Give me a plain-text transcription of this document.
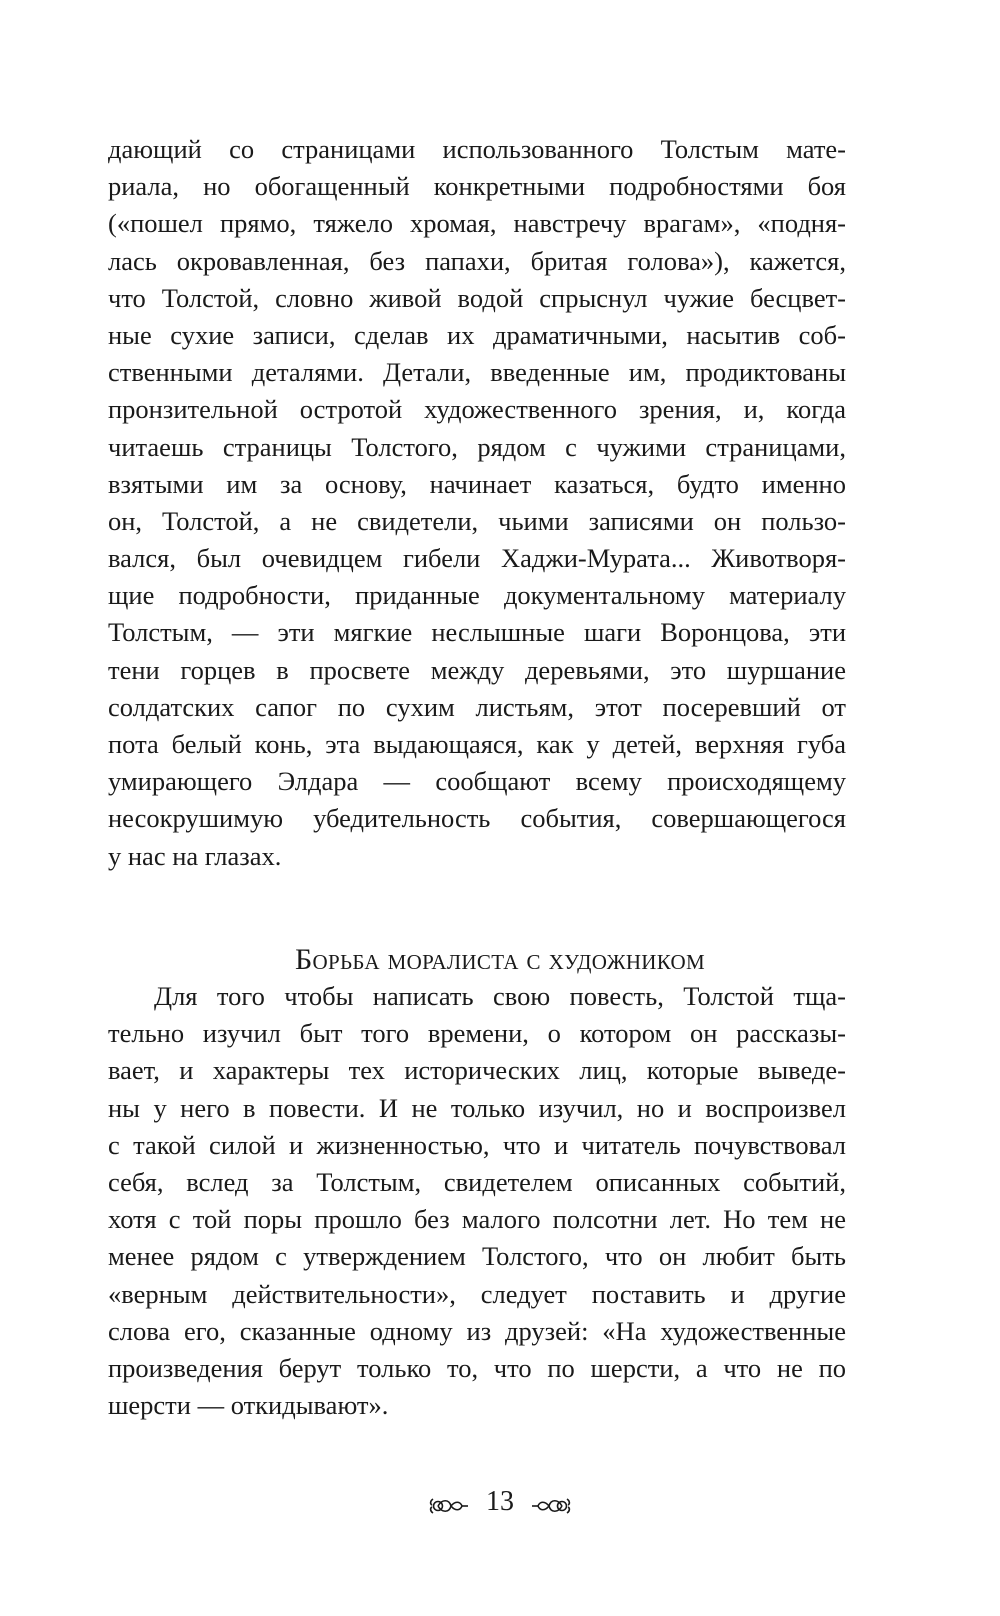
дающий со страницами использованного Толстым мате-
риала, но обогащенный конкретными подробностями боя
(«пошел прямо, тяжело хромая, навстречу врагам», «подня-
лась окровавленная, без папахи, бритая голова»), кажется,
что Толстой, словно живой водой спрыснул чужие бесцвет-
ные сухие записи, сделав их драматичными, насытив соб-
ственными деталями. Детали, введенные им, продиктованы
пронзительной остротой художественного зрения, и, когда
читаешь страницы Толстого, рядом с чужими страницами,
взятыми им за основу, начинает казаться, будто именно
он, Толстой, а не свидетели, чьими записями он пользо-
вался, был очевидцем гибели Хаджи-Мурата... Животворя-
щие подробности, приданные документальному материалу
Толстым, — эти мягкие неслышные шаги Воронцова, эти
тени горцев в просвете между деревьями, это шуршание
солдатских сапог по сухим листьям, этот посеревший от
пота белый конь, эта выдающаяся, как у детей, верхняя губа
умирающего Элдара — сообщают всему происходящему
несокрушимую убедительность события, совершающегося
у нас на глазах.
Борьба моралиста с художником
Для того чтобы написать свою повесть, Толстой тща-
тельно изучил быт того времени, о котором он рассказы-
вает, и характеры тех исторических лиц, которые выведе-
ны у него в повести. И не только изучил, но и воспроизвел
с такой силой и жизненностью, что и читатель почувствовал
себя, вслед за Толстым, свидетелем описанных событий,
хотя с той поры прошло без малого полсотни лет. Но тем не
менее рядом с утверждением Толстого, что он любит быть
«верным действительности», следует поставить и другие
слова его, сказанные одному из друзей: «На художественные
произведения берут только то, что по шерсти, а что не по
шерсти — откидывают».
13
